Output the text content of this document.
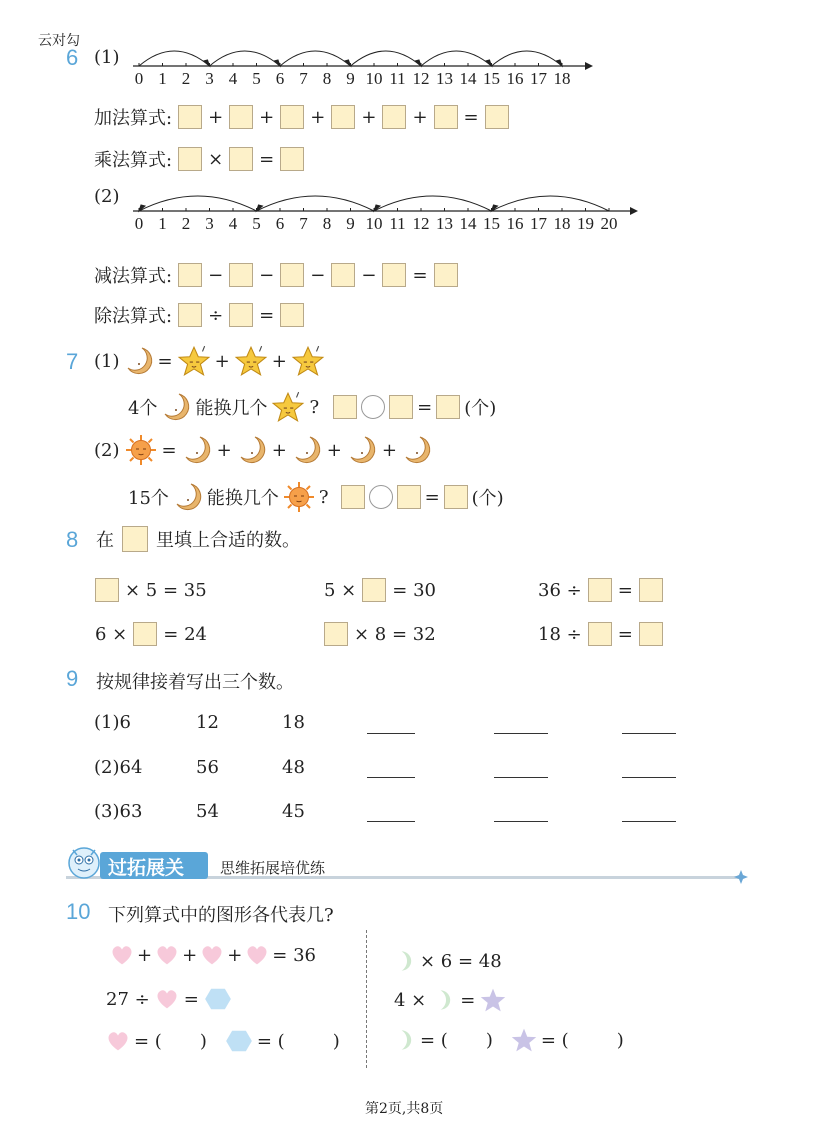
云对勾
6 (1)
0 1 2 3 4 5 6 7 8 9 10 11 12 13 14 15 16 17 18
加法算式: + + + + + =
乘法算式: × =
(2)
0 1 2 3 4 5 6 7 8 9 10 11 12 13 14 15 16 17 18 19 20
减法算式: − − − − =
除法算式: ÷ =
7 (1) = + +
4个 能换几个 ?	= (个)
(2) = + + + +
15个 能换几个 ?	= (个)
8 在 里填上合适的数。
× 5 = 35	5 × = 30	36 ÷ =
6 × = 24	× 8 = 32	18 ÷ =
9 按规律接着写出三个数。
(1)6	12	18
(2)64	56	48
(3)63	54	45
过拓展关 思维拓展培优练
10 下列算式中的图形各代表几?
+ + + = 36
27 ÷ =
= ( )	= (	)
× 6 = 48
4 × =
= ( )	= (	)
第2页,共8页
